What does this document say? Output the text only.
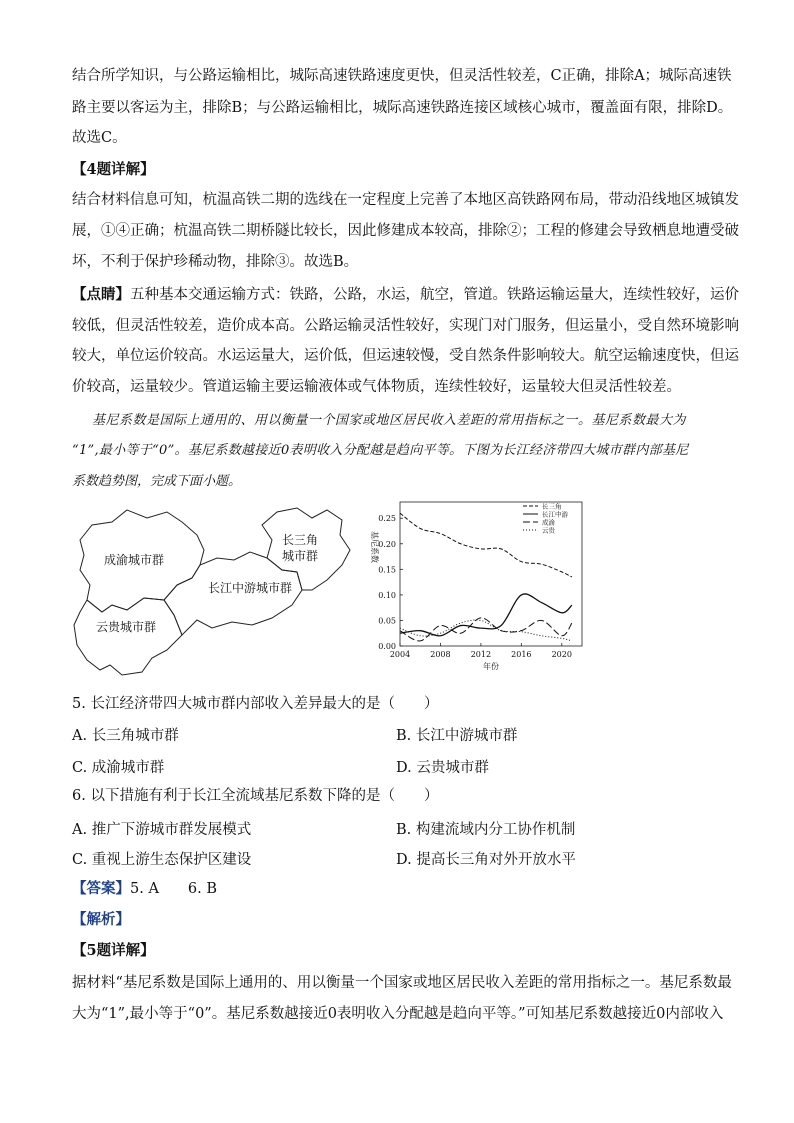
结合所学知识，与公路运输相比，城际高速铁路速度更快，但灵活性较差，C正确，排除A；城际高速铁
路主要以客运为主，排除B；与公路运输相比，城际高速铁路连接区域核心城市，覆盖面有限，排除D。
故选C。
【4题详解】
结合材料信息可知，杭温高铁二期的选线在一定程度上完善了本地区高铁路网布局，带动沿线地区城镇发
展，①④正确；杭温高铁二期桥隧比较长，因此修建成本较高，排除②；工程的修建会导致栖息地遭受破
坏，不利于保护珍稀动物，排除③。故选B。
【点睛】五种基本交通运输方式：铁路，公路，水运，航空，管道。铁路运输运量大，连续性较好，运价
较低，但灵活性较差，造价成本高。公路运输灵活性较好，实现门对门服务，但运量小，受自然环境影响
较大，单位运价较高。水运运量大，运价低，但运速较慢，受自然条件影响较大。航空运输速度快，但运
价较高，运量较少。管道运输主要运输液体或气体物质，连续性较好，运量较大但灵活性较差。
基尼系数是国际上通用的、用以衡量一个国家或地区居民收入差距的常用指标之一。基尼系数最大为
“1”,最小等于“0”。基尼系数越接近0表明收入分配越是趋向平等。下图为长江经济带四大城市群内部基尼
系数趋势图，完成下面小题。
成渝城市群
长三角
城市群
长江中游城市群
云贵城市群
0.25
0.20
0.15
0.10
0.05
0.00
2004	2008	2012	2016	2020
年份
基尼系数
长三角
长江中游
成渝
云贵
5. 长江经济带四大城市群内部收入差异最大的是（　　）
A. 长三角城市群	B. 长江中游城市群
C. 成渝城市群	D. 云贵城市群
6. 以下措施有利于长江全流域基尼系数下降的是（　　）
A. 推广下游城市群发展模式	B. 构建流域内分工协作机制
C. 重视上游生态保护区建设	D. 提高长三角对外开放水平
【答案】5. A　　6. B
【解析】
【5题详解】
据材料“基尼系数是国际上通用的、用以衡量一个国家或地区居民收入差距的常用指标之一。基尼系数最
大为“1”,最小等于“0”。基尼系数越接近0表明收入分配越是趋向平等。”可知基尼系数越接近0内部收入
